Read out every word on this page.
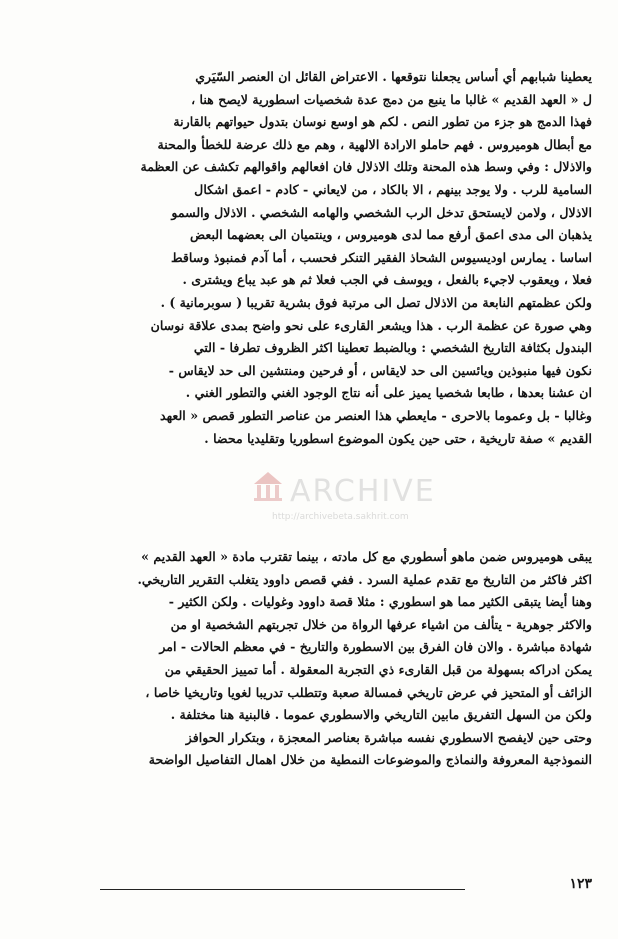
يعطينا شبابهم أي أساس يجعلنا نتوقعها . الاعتراض القائل ان العنصر السّيَري
ل « العهد القديم » غالبا ما ينبع من دمج عدة شخصيات اسطورية لايصح هنا ،
فهذا الدمج هو جزء من تطور النص . لكم هو اوسع نوسان بتدول حيواتهم بالقارنة
مع أبطال هوميروس . فهم حاملو الارادة الالهية ، وهم مع ذلك عرضة للخطأ والمحنة
والاذلال : وفي وسط هذه المحنة وتلك الاذلال فان افعالهم واقوالهم تكشف عن العظمة
السامية للرب . ولا يوجد بينهم ، الا بالكاد ، من لايعاني - كادم - اعمق اشكال
الاذلال ، ولامن لايستحق تدخل الرب الشخصي والهامه الشخصي . الاذلال والسمو
يذهبان الى مدى اعمق أرفع مما لدى هوميروس ، وينتميان الى بعضهما البعض
اساسا . يمارس اوديسيوس الشحاذ الفقير التنكر فحسب ، أما آدم فمنبوذ وساقط
فعلا ، ويعقوب لاجيء بالفعل ، ويوسف في الجب فعلا ثم هو عبد يباع ويشترى .
ولكن عظمتهم النابعة من الاذلال تصل الى مرتبة فوق بشرية تقريبا ( سوبرمانية ) .
وهي صورة عن عظمة الرب . هذا ويشعر القارىء على نحو واضح بمدى علاقة نوسان
البندول بكثافة التاريخ الشخصي : وبالضبط تعطينا اكثر الظروف تطرفا - التي
نكون فيها منبوذين ويائسين الى حد لايقاس ، أو فرحين ومنتشين الى حد لايقاس -
ان عشنا بعدها ، طابعا شخصيا يميز على أنه نتاج الوجود الغني والتطور الغني .
وغالبا - بل وعموما بالاحرى - مايعطي هذا العنصر من عناصر التطور قصص « العهد
القديم » صفة تاريخية ، حتى حين يكون الموضوع اسطوريا وتقليديا محضا .
ARCHIVE
http://archivebeta.sakhrit.com
يبقى هوميروس ضمن ماهو أسطوري مع كل مادته ، بينما تقترب مادة « العهد القديم »
اكثر فاكثر من التاريخ مع تقدم عملية السرد . ففي قصص داوود يتغلب التقرير التاريخي.
وهنا أيضا يتبقى الكثير مما هو اسطوري : مثلا قصة داوود وغوليات . ولكن الكثير -
والاكثر جوهرية - يتألف من اشياء عرفها الرواة من خلال تجربتهم الشخصية او من
شهادة مباشرة . والان فان الفرق بين الاسطورة والتاريخ - في معظم الحالات - امر
يمكن ادراكه بسهولة من قبل القارىء ذي التجربة المعقولة . أما تمييز الحقيقي من
الزائف أو المتحيز في عرض تاريخي فمسالة صعبة وتتطلب تدريبا لغويا وتاريخيا خاصا ،
ولكن من السهل التفريق مابين التاريخي والاسطوري عموما . فالبنية هنا مختلفة .
وحتى حين لايفصح الاسطوري نفسه مباشرة بعناصر المعجزة ، وبتكرار الحوافز
النموذجية المعروفة والنماذج والموضوعات النمطية من خلال اهمال التفاصيل الواضحة
١٢٣
